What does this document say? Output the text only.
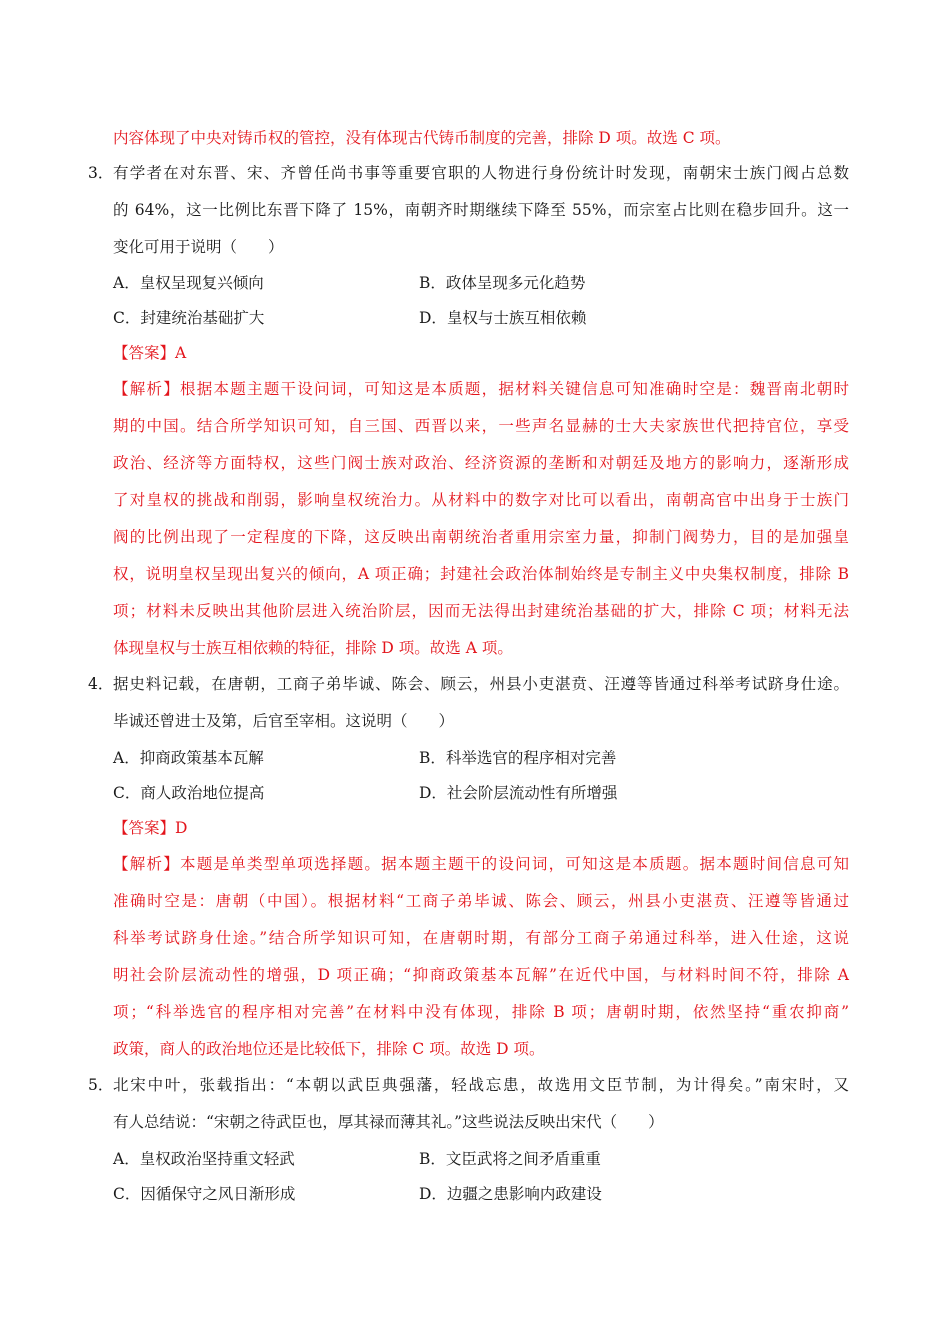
内容体现了中央对铸币权的管控，没有体现古代铸币制度的完善，排除 D 项。故选 C 项。
3． 有学者在对东晋、宋、齐曾任尚书事等重要官职的人物进行身份统计时发现，南朝宋士族门阀占总数
的 64%，这一比例比东晋下降了 15%，南朝齐时期继续下降至 55%，而宗室占比则在稳步回升。这一
变化可用于说明（　　）
A．皇权呈现复兴倾向	B．政体呈现多元化趋势
C．封建统治基础扩大	D．皇权与士族互相依赖
【答案】A
【解析】根据本题主题干设问词，可知这是本质题，据材料关键信息可知准确时空是：魏晋南北朝时
期的中国。结合所学知识可知，自三国、西晋以来，一些声名显赫的士大夫家族世代把持官位，享受
政治、经济等方面特权，这些门阀士族对政治、经济资源的垄断和对朝廷及地方的影响力，逐渐形成
了对皇权的挑战和削弱，影响皇权统治力。从材料中的数字对比可以看出，南朝高官中出身于士族门
阀的比例出现了一定程度的下降，这反映出南朝统治者重用宗室力量，抑制门阀势力，目的是加强皇
权，说明皇权呈现出复兴的倾向，A 项正确；封建社会政治体制始终是专制主义中央集权制度，排除 B
项；材料未反映出其他阶层进入统治阶层，因而无法得出封建统治基础的扩大，排除 C 项；材料无法
体现皇权与士族互相依赖的特征，排除 D 项。故选 A 项。
4． 据史料记载，在唐朝，工商子弟毕诚、陈会、顾云，州县小吏湛贲、汪遵等皆通过科举考试跻身仕途。
毕诚还曾进士及第，后官至宰相。这说明（　　）
A．抑商政策基本瓦解	B．科举选官的程序相对完善
C．商人政治地位提高	D．社会阶层流动性有所增强
【答案】D
【解析】本题是单类型单项选择题。据本题主题干的设问词，可知这是本质题。据本题时间信息可知
准确时空是：唐朝（中国）。根据材料“工商子弟毕诚、陈会、顾云，州县小吏湛贲、汪遵等皆通过
科举考试跻身仕途。”结合所学知识可知，在唐朝时期，有部分工商子弟通过科举，进入仕途，这说
明社会阶层流动性的增强，D 项正确；“抑商政策基本瓦解”在近代中国，与材料时间不符，排除 A
项；“科举选官的程序相对完善”在材料中没有体现，排除 B 项；唐朝时期，依然坚持“重农抑商”
政策，商人的政治地位还是比较低下，排除 C 项。故选 D 项。
5． 北宋中叶，张载指出：“本朝以武臣典强藩，轻战忘患，故选用文臣节制，为计得矣。”南宋时，又
有人总结说：“宋朝之待武臣也，厚其禄而薄其礼。”这些说法反映出宋代（　　）
A．皇权政治坚持重文轻武	B．文臣武将之间矛盾重重
C．因循保守之风日渐形成	D．边疆之患影响内政建设
